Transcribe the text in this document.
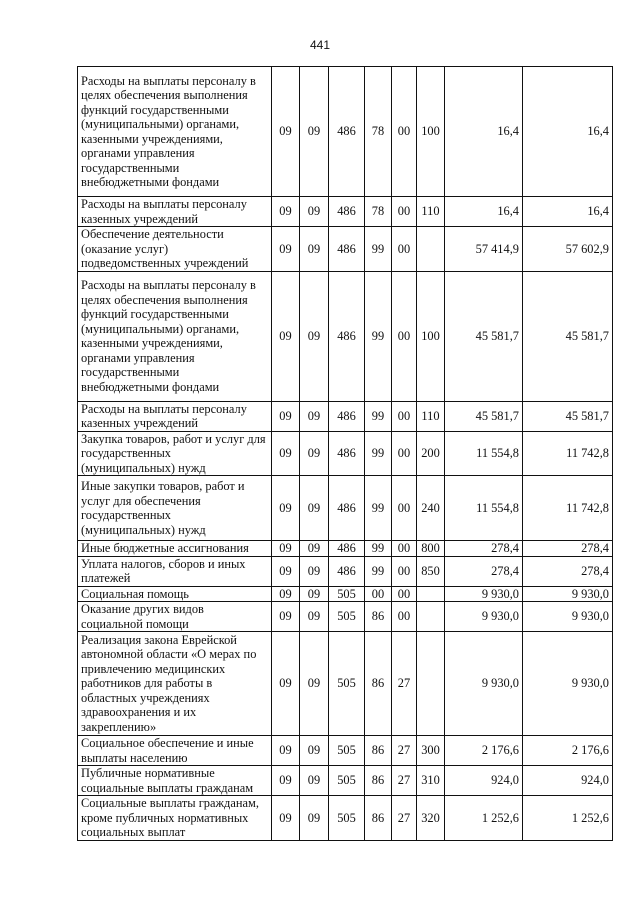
441
Расходы на выплаты персоналу в целях обеспечения выполнения функций государственными (муниципальными) органами, казенными учреждениями, органами управления государственными внебюджетными фондами	09	09	486	78	00	100	16,4	16,4
Расходы на выплаты персоналу казенных учреждений	09	09	486	78	00	110	16,4	16,4
Обеспечение деятельности (оказание услуг) подведомственных учреждений	09	09	486	99	00		57 414,9	57 602,9
Расходы на выплаты персоналу в целях обеспечения выполнения функций государственными (муниципальными) органами, казенными учреждениями, органами управления государственными внебюджетными фондами	09	09	486	99	00	100	45 581,7	45 581,7
Расходы на выплаты персоналу казенных учреждений	09	09	486	99	00	110	45 581,7	45 581,7
Закупка товаров, работ и услуг для государственных (муниципальных) нужд	09	09	486	99	00	200	11 554,8	11 742,8
Иные закупки товаров, работ и услуг для обеспечения государственных (муниципальных) нужд	09	09	486	99	00	240	11 554,8	11 742,8
Иные бюджетные ассигнования	09	09	486	99	00	800	278,4	278,4
Уплата налогов, сборов и иных платежей	09	09	486	99	00	850	278,4	278,4
Социальная помощь	09	09	505	00	00		9 930,0	9 930,0
Оказание других видов социальной помощи	09	09	505	86	00		9 930,0	9 930,0
Реализация закона Еврейской автономной области «О мерах по привлечению медицинских работников для работы в областных учреждениях здравоохранения и их закреплению»	09	09	505	86	27		9 930,0	9 930,0
Социальное обеспечение и иные выплаты населению	09	09	505	86	27	300	2 176,6	2 176,6
Публичные нормативные социальные выплаты гражданам	09	09	505	86	27	310	924,0	924,0
Социальные выплаты гражданам, кроме публичных нормативных социальных выплат	09	09	505	86	27	320	1 252,6	1 252,6
